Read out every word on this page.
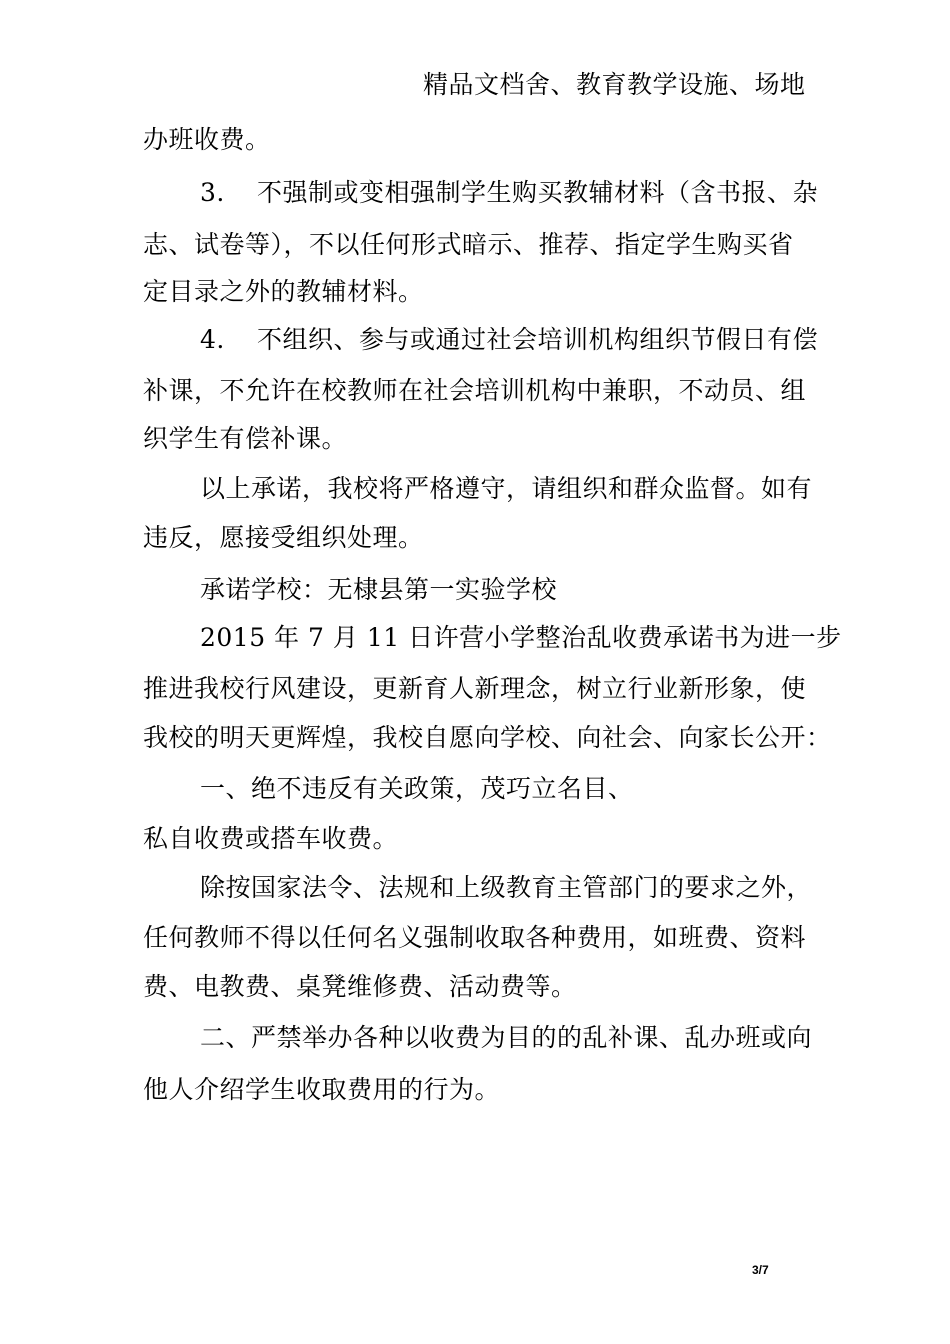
精品文档舍、教育教学设施、场地
办班收费。
3. 不强制或变相强制学生购买教辅材料（含书报、杂
志、试卷等），不以任何形式暗示、推荐、指定学生购买省
定目录之外的教辅材料。
4. 不组织、参与或通过社会培训机构组织节假日有偿
补课，不允许在校教师在社会培训机构中兼职，不动员、组
织学生有偿补课。
以上承诺，我校将严格遵守，请组织和群众监督。如有
违反，愿接受组织处理。
承诺学校：无棣县第一实验学校
2015 年 7 月 11 日许营小学整治乱收费承诺书为进一步
推进我校行风建设，更新育人新理念，树立行业新形象，使
我校的明天更辉煌，我校自愿向学校、向社会、向家长公开：
一、绝不违反有关政策，茂巧立名目、
私自收费或搭车收费。
除按国家法令、法规和上级教育主管部门的要求之外，
任何教师不得以任何名义强制收取各种费用，如班费、资料
费、电教费、桌凳维修费、活动费等。
二、严禁举办各种以收费为目的的乱补课、乱办班或向
他人介绍学生收取费用的行为。
3/7
